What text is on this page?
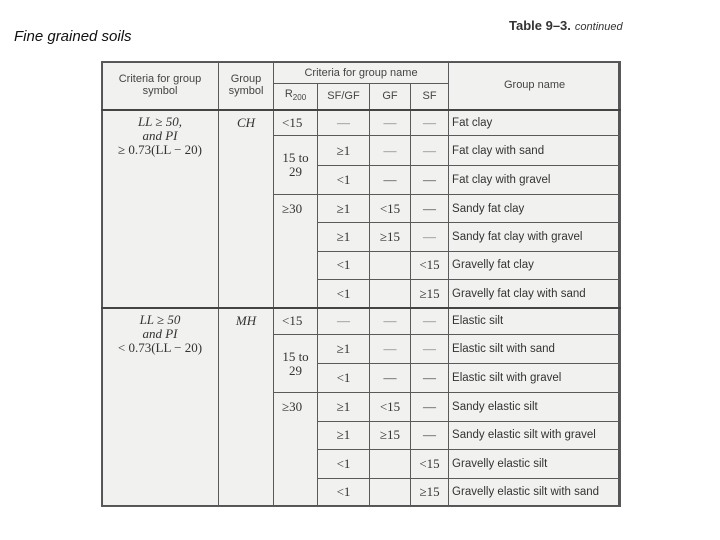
Fine grained soils
Table 9–3. continued
Criteria for group symbol	Group symbol	Criteria for group name				Group name
		$R_{200}$	SF/GF	GF	SF	

LL ≥ 50,
and PI
≥ 0.73(LL − 20)	CH	<15	—	—	—	Fat clay
		15 to 29	≥1	—	—	Fat clay with sand
			<1	—	—	Fat clay with gravel
		≥30	≥1	<15	—	Sandy fat clay
			≥1	≥15	—	Sandy fat clay with gravel
			<1		<15	Gravelly fat clay
			<1		≥15	Gravelly fat clay with sand

LL ≥ 50
and PI
< 0.73(LL − 20)	MH	<15	—	—	—	Elastic silt
		15 to 29	≥1	—	—	Elastic silt with sand
			<1	—	—	Elastic silt with gravel
		≥30	≥1	<15	—	Sandy elastic silt
			≥1	≥15	—	Sandy elastic silt with gravel
			<1		<15	Gravelly elastic silt
			<1		≥15	Gravelly elastic silt with sand
